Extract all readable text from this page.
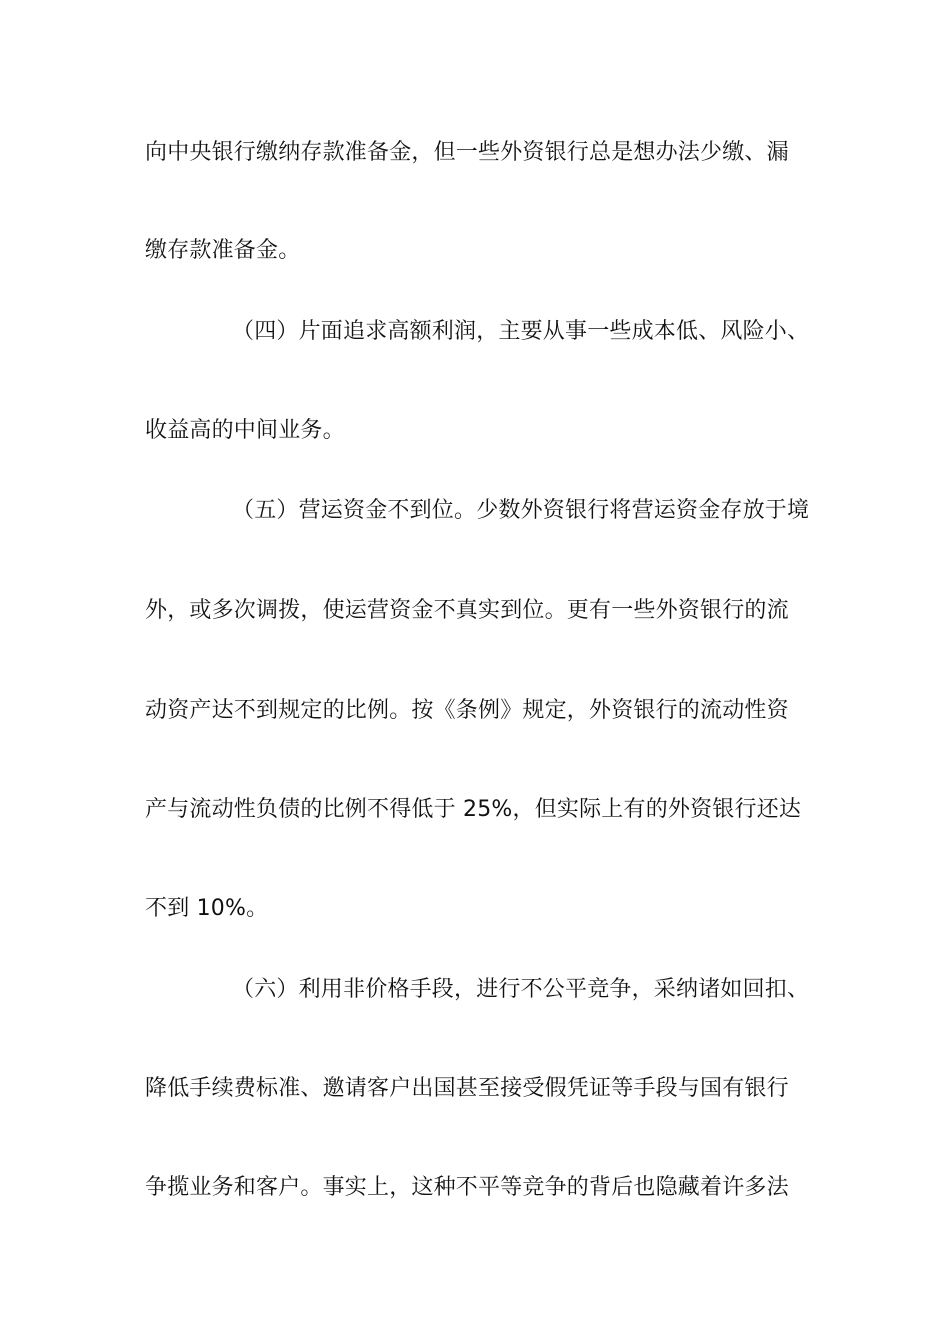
向中央银行缴纳存款准备金，但一些外资银行总是想办法少缴、漏
缴存款准备金。
（四）片面追求高额利润，主要从事一些成本低、风险小、
收益高的中间业务。
（五）营运资金不到位。少数外资银行将营运资金存放于境
外，或多次调拨，使运营资金不真实到位。更有一些外资银行的流
动资产达不到规定的比例。按《条例》规定，外资银行的流动性资
产与流动性负债的比例不得低于 25%，但实际上有的外资银行还达
不到 10%。
（六）利用非价格手段，进行不公平竞争，采纳诸如回扣、
降低手续费标准、邀请客户出国甚至接受假凭证等手段与国有银行
争揽业务和客户。事实上，这种不平等竞争的背后也隐藏着许多法
